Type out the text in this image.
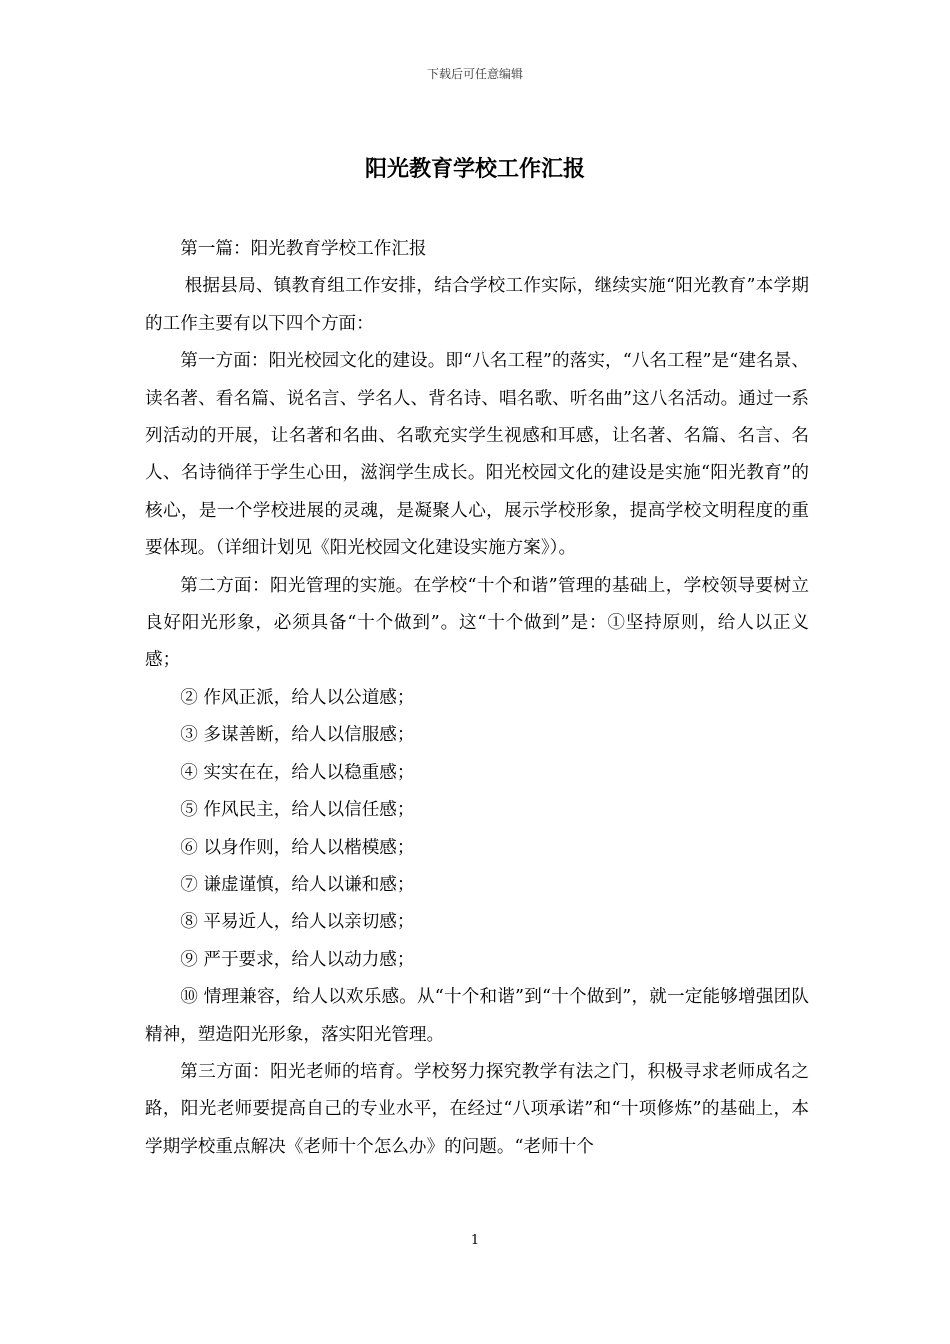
下载后可任意编辑
阳光教育学校工作汇报

第一篇：阳光教育学校工作汇报

根据县局、镇教育组工作安排，结合学校工作实际，继续实施“阳光教育”本学期的工作主要有以下四个方面：

第一方面：阳光校园文化的建设。即“八名工程”的落实，“八名工程”是“建名景、读名著、看名篇、说名言、学名人、背名诗、唱名歌、听名曲”这八名活动。通过一系列活动的开展，让名著和名曲、名歌充实学生视感和耳感，让名著、名篇、名言、名人、名诗徜徉于学生心田，滋润学生成长。阳光校园文化的建设是实施“阳光教育”的核心，是一个学校进展的灵魂，是凝聚人心，展示学校形象，提高学校文明程度的重要体现。（详细计划见《阳光校园文化建设实施方案》）。

第二方面：阳光管理的实施。在学校“十个和谐”管理的基础上，学校领导要树立良好阳光形象，必须具备“十个做到”。这“十个做到”是：①坚持原则，给人以正义感；

② 作风正派，给人以公道感；

③ 多谋善断，给人以信服感；

④ 实实在在，给人以稳重感；

⑤ 作风民主，给人以信任感；

⑥ 以身作则，给人以楷模感；

⑦ 谦虚谨慎，给人以谦和感；

⑧ 平易近人，给人以亲切感；

⑨ 严于要求，给人以动力感；

⑩ 情理兼容，给人以欢乐感。从“十个和谐”到“十个做到”，就一定能够增强团队精神，塑造阳光形象，落实阳光管理。

第三方面：阳光老师的培育。学校努力探究教学有法之门，积极寻求老师成名之路，阳光老师要提高自己的专业水平，在经过“八项承诺”和“十项修炼”的基础上，本学期学校重点解决《老师十个怎么办》的问题。“老师十个

1
